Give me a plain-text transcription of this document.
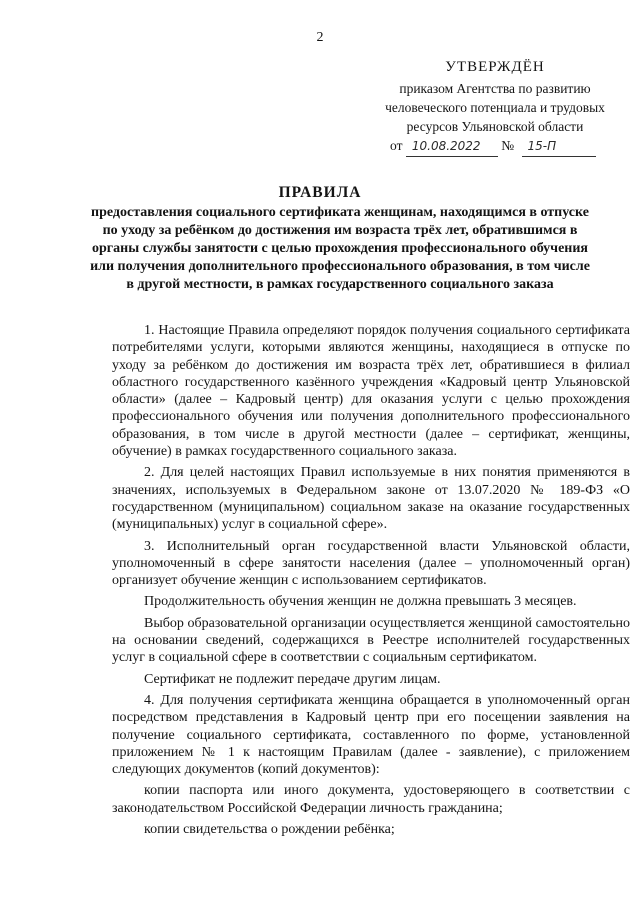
2
УТВЕРЖДЁН
приказом Агентства по развитию
человеческого потенциала и трудовых
ресурсов Ульяновской области
от 10.08.2022 № 15-П
ПРАВИЛА
предоставления социального сертификата женщинам, находящимся в отпуске по уходу за ребёнком до достижения им возраста трёх лет, обратившимся в органы службы занятости с целью прохождения профессионального обучения или получения дополнительного профессионального образования, в том числе в другой местности, в рамках государственного социального заказа

1. Настоящие Правила определяют порядок получения социального сертификата потребителями услуги, которыми являются женщины, находящиеся в отпуске по уходу за ребёнком до достижения им возраста трёх лет, обратившиеся в филиал областного государственного казённого учреждения «Кадровый центр Ульяновской области» (далее – Кадровый центр) для оказания услуги с целью прохождения профессионального обучения или получения дополнительного профессионального образования, в том числе в другой местности (далее – сертификат, женщины, обучение) в рамках государственного социального заказа.

2. Для целей настоящих Правил используемые в них понятия применяются в значениях, используемых в Федеральном законе от 13.07.2020 № 189-ФЗ «О государственном (муниципальном) социальном заказе на оказание государственных (муниципальных) услуг в социальной сфере».

3. Исполнительный орган государственной власти Ульяновской области, уполномоченный в сфере занятости населения (далее – уполномоченный орган) организует обучение женщин с использованием сертификатов.

Продолжительность обучения женщин не должна превышать 3 месяцев.

Выбор образовательной организации осуществляется женщиной самостоятельно на основании сведений, содержащихся в Реестре исполнителей государственных услуг в социальной сфере в соответствии с социальным сертификатом.

Сертификат не подлежит передаче другим лицам.

4. Для получения сертификата женщина обращается в уполномоченный орган посредством представления в Кадровый центр при его посещении заявления на получение социального сертификата, составленного по форме, установленной приложением № 1 к настоящим Правилам (далее - заявление), с приложением следующих документов (копий документов):

копии паспорта или иного документа, удостоверяющего в соответствии с законодательством Российской Федерации личность гражданина;

копии свидетельства о рождении ребёнка;
